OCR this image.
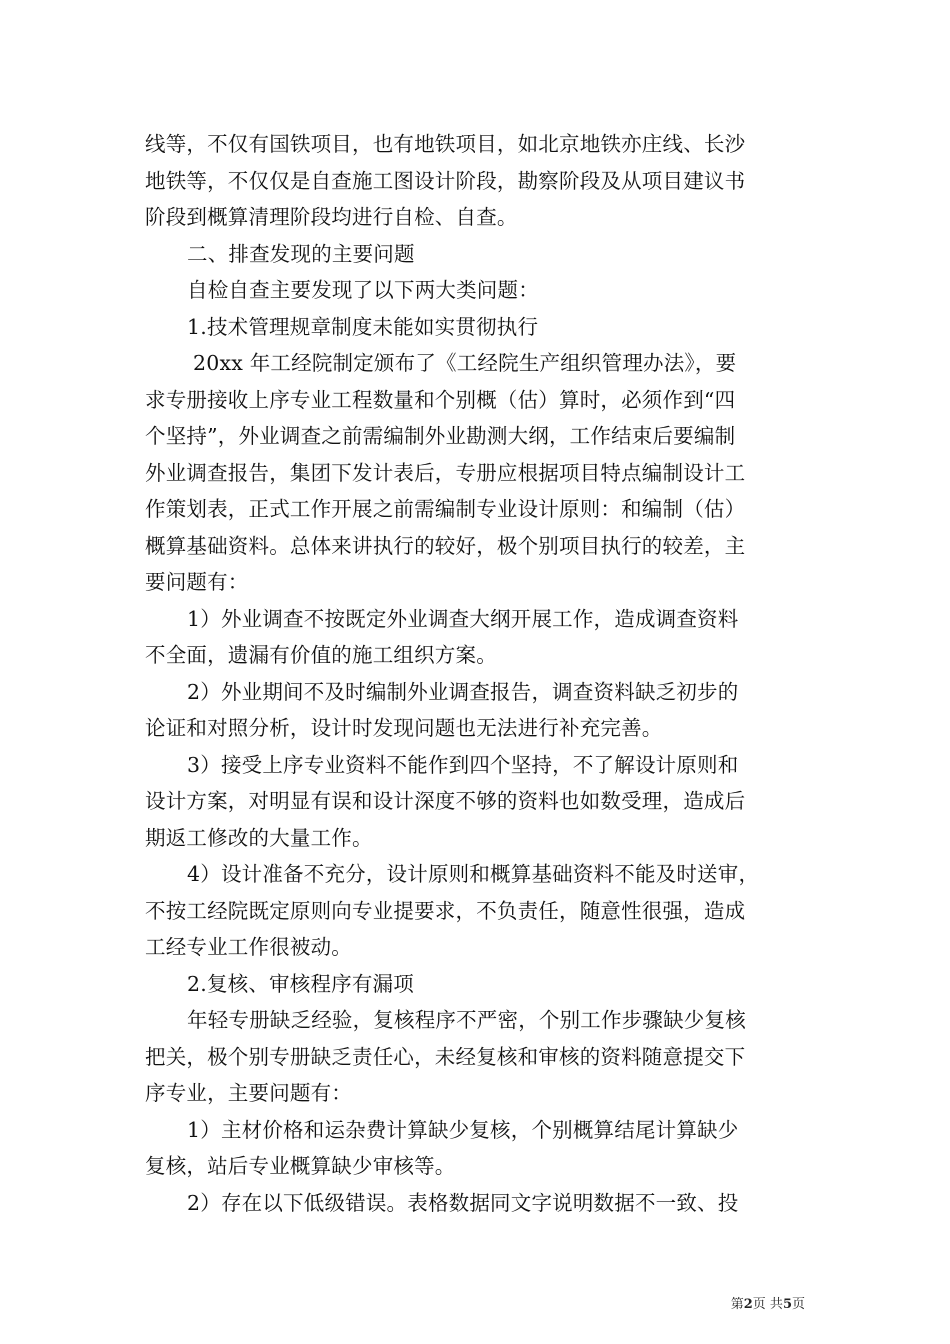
线等，不仅有国铁项目，也有地铁项目，如北京地铁亦庄线、长沙
地铁等，不仅仅是自查施工图设计阶段，勘察阶段及从项目建议书
阶段到概算清理阶段均进行自检、自查。
二、排查发现的主要问题
自检自查主要发现了以下两大类问题：
1.技术管理规章制度未能如实贯彻执行
20xx 年工经院制定颁布了《工经院生产组织管理办法》，要
求专册接收上序专业工程数量和个别概（估）算时，必须作到“四
个坚持”，外业调查之前需编制外业勘测大纲，工作结束后要编制
外业调查报告，集团下发计表后，专册应根据项目特点编制设计工
作策划表，正式工作开展之前需编制专业设计原则：和编制（估）
概算基础资料。总体来讲执行的较好，极个别项目执行的较差，主
要问题有：
1）外业调查不按既定外业调查大纲开展工作，造成调查资料
不全面，遗漏有价值的施工组织方案。
2）外业期间不及时编制外业调查报告，调查资料缺乏初步的
论证和对照分析，设计时发现问题也无法进行补充完善。
3）接受上序专业资料不能作到四个坚持，不了解设计原则和
设计方案，对明显有误和设计深度不够的资料也如数受理，造成后
期返工修改的大量工作。
4）设计准备不充分，设计原则和概算基础资料不能及时送审，
不按工经院既定原则向专业提要求，不负责任，随意性很强，造成
工经专业工作很被动。
2.复核、审核程序有漏项
年轻专册缺乏经验，复核程序不严密，个别工作步骤缺少复核
把关，极个别专册缺乏责任心，未经复核和审核的资料随意提交下
序专业，主要问题有：
1）主材价格和运杂费计算缺少复核，个别概算结尾计算缺少
复核，站后专业概算缺少审核等。
2）存在以下低级错误。表格数据同文字说明数据不一致、投
第2页 共5页
